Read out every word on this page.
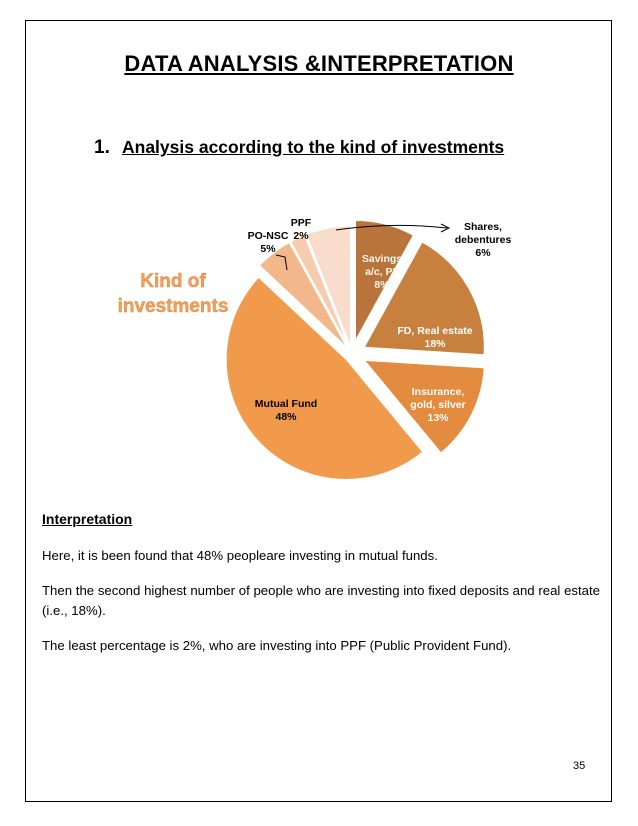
DATA ANALYSIS &INTERPRETATION
1. Analysis according to the kind of investments
Kind of
investments
Savings a/c, PF 8%
FD, Real estate 18%
Insurance, gold, silver 13%
Mutual Fund 48%
PO-NSC 5%
PPF 2%
Shares, debentures 6%
Interpretation
Here, it is been found that 48% peopleare investing in mutual funds.
Then the second highest number of people who are investing into fixed deposits and real estate (i.e., 18%).
The least percentage is 2%, who are investing into PPF (Public Provident Fund).
35
